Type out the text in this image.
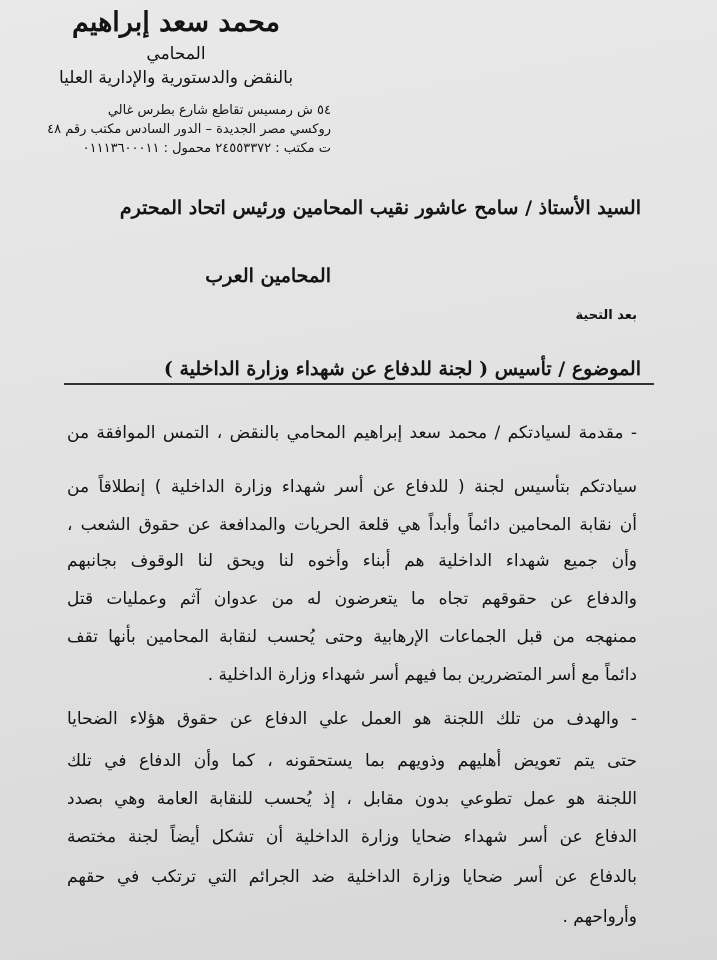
محمد سعد إبراهيم

المحامي

بالنقض والدستورية والإدارية العليا

٥٤ ش رمسيس تقاطع شارع بطرس غالي

روكسي مصر الجديدة – الدور السادس مكتب رقم ٤٨

ت مكتب : ٢٤٥٥٣٣٧٢ محمول : ٠١١١٣٦٠٠٠١١

السيد الأستاذ / سامح عاشور نقيب المحامين ورئيس اتحاد المحترم

المحامين العرب

بعد التحية

الموضوع / تأسيس ( لجنة للدفاع عن شهداء وزارة الداخلية )

- مقدمة لسيادتكم / محمد سعد إبراهيم المحامي بالنقض ، التمس الموافقة من

سيادتكم بتأسيس لجنة ( للدفاع عن أسر شهداء وزارة الداخلية ) إنطلاقاً من

أن نقابة المحامين دائماً وأبداً هي قلعة الحريات والمدافعة عن حقوق الشعب ،

وأن جميع شهداء الداخلية هم أبناء وأخوه لنا ويحق لنا الوقوف بجانبهم

والدفاع عن حقوقهم تجاه ما يتعرضون له من عدوان آثم وعمليات قتل

ممنهجه من قبل الجماعات الإرهابية وحتى يُحسب لنقابة المحامين بأنها تقف

دائماً مع أسر المتضررين بما فيهم أسر شهداء وزارة الداخلية .

- والهدف من تلك اللجنة هو العمل علي الدفاع عن حقوق هؤلاء الضحايا

حتى يتم تعويض أهليهم وذويهم بما يستحقونه ، كما وأن الدفاع في تلك

اللجنة هو عمل تطوعي بدون مقابل ، إذ يُحسب للنقابة العامة وهي بصدد

الدفاع عن أسر شهداء ضحايا وزارة الداخلية أن تشكل أيضاً لجنة مختصة

بالدفاع عن أسر ضحايا وزارة الداخلية ضد الجرائم التي ترتكب في حقهم

وأرواحهم .
